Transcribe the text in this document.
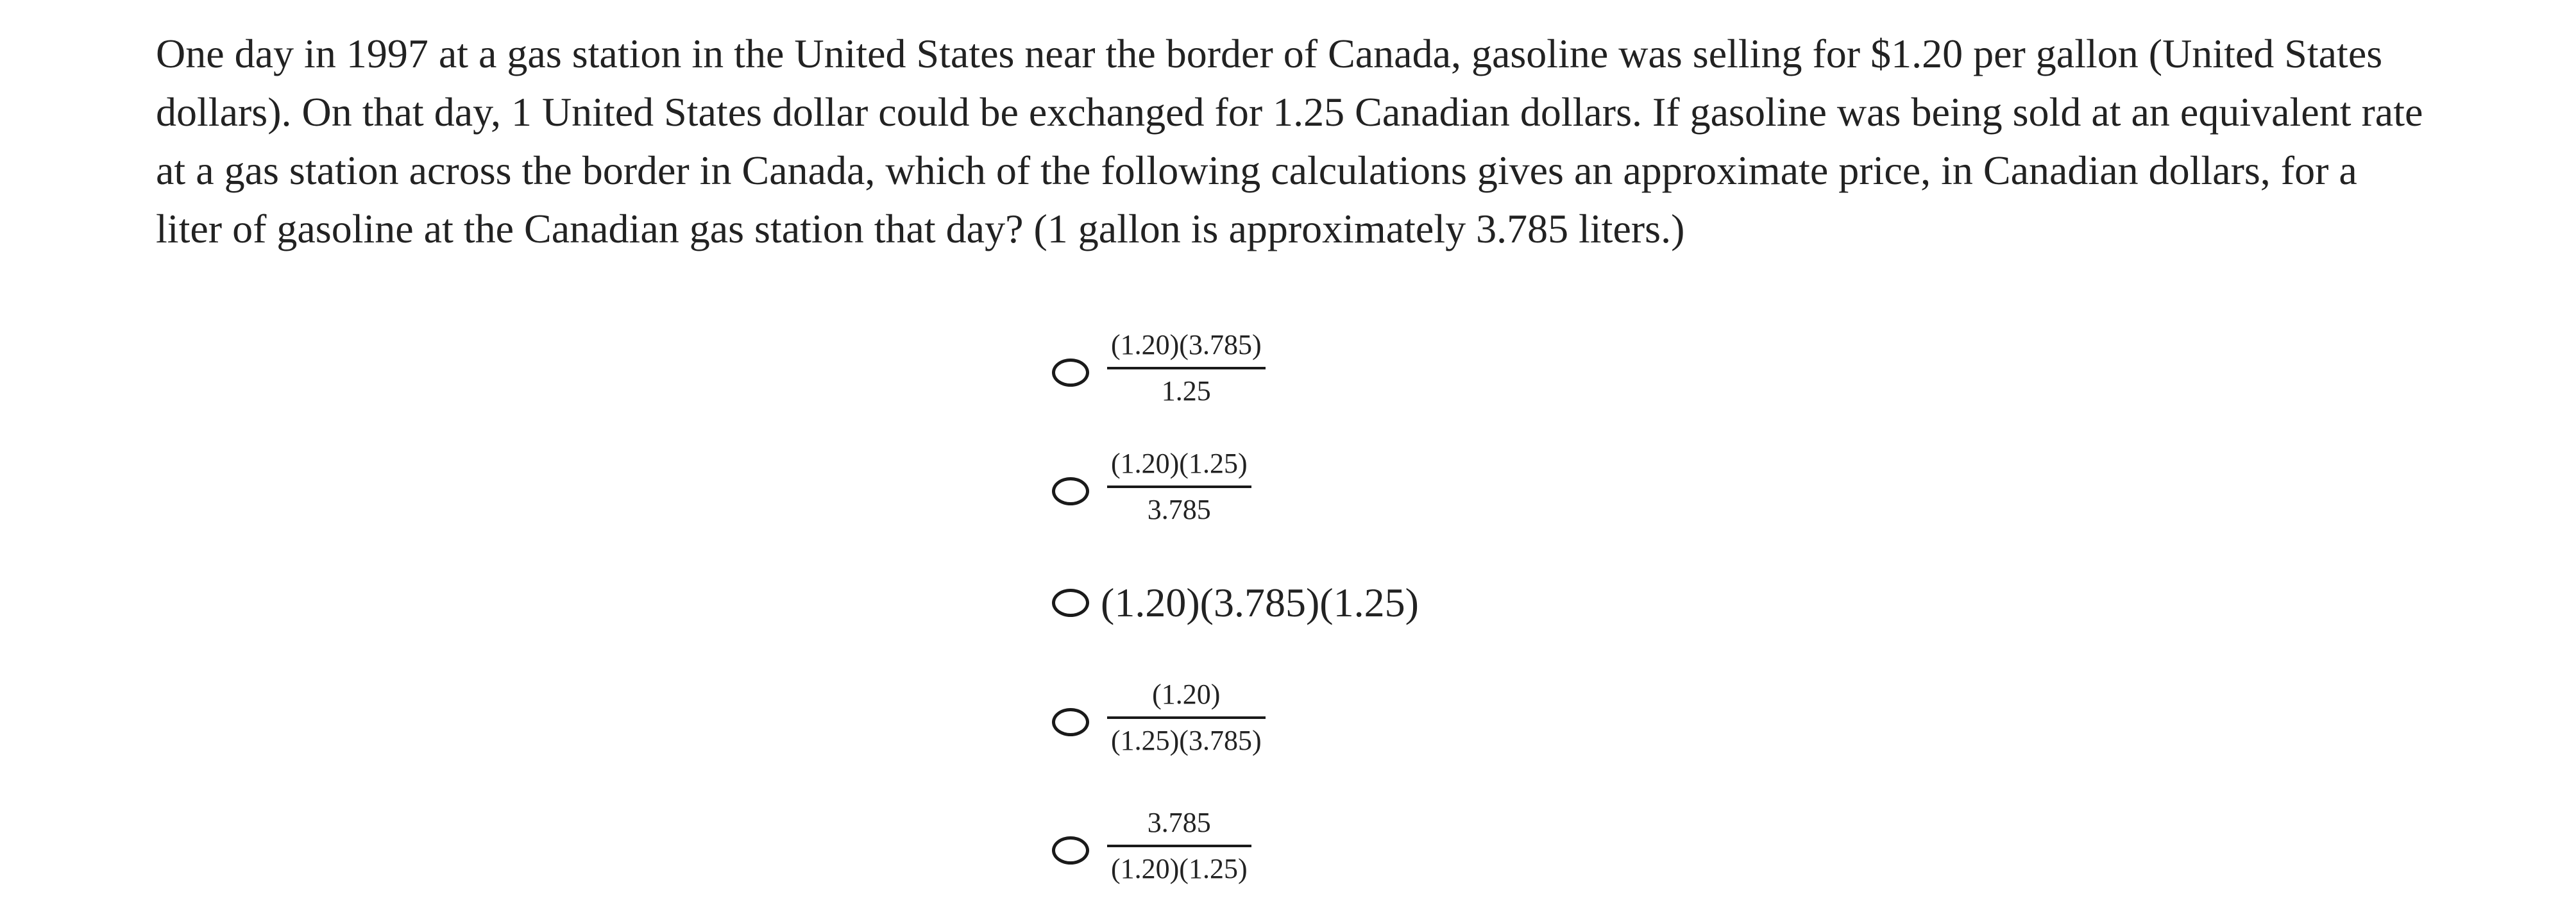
One day in 1997 at a gas station in the United States near the border of Canada, gasoline was selling for $1.20 per gallon (United States dollars). On that day, 1 United States dollar could be exchanged for 1.25 Canadian dollars. If gasoline was being sold at an equivalent rate at a gas station across the border in Canada, which of the following calculations gives an approximate price, in Canadian dollars, for a liter of gasoline at the Canadian gas station that day? (1 gallon is approximately 3.785 liters.)

$\frac{(1.20)(3.785)}{1.25}$
$\frac{(1.20)(1.25)}{3.785}$
(1.20)(3.785)(1.25)
$\frac{(1.20)}{(1.25)(3.785)}$
$\frac{3.785}{(1.20)(1.25)}$
